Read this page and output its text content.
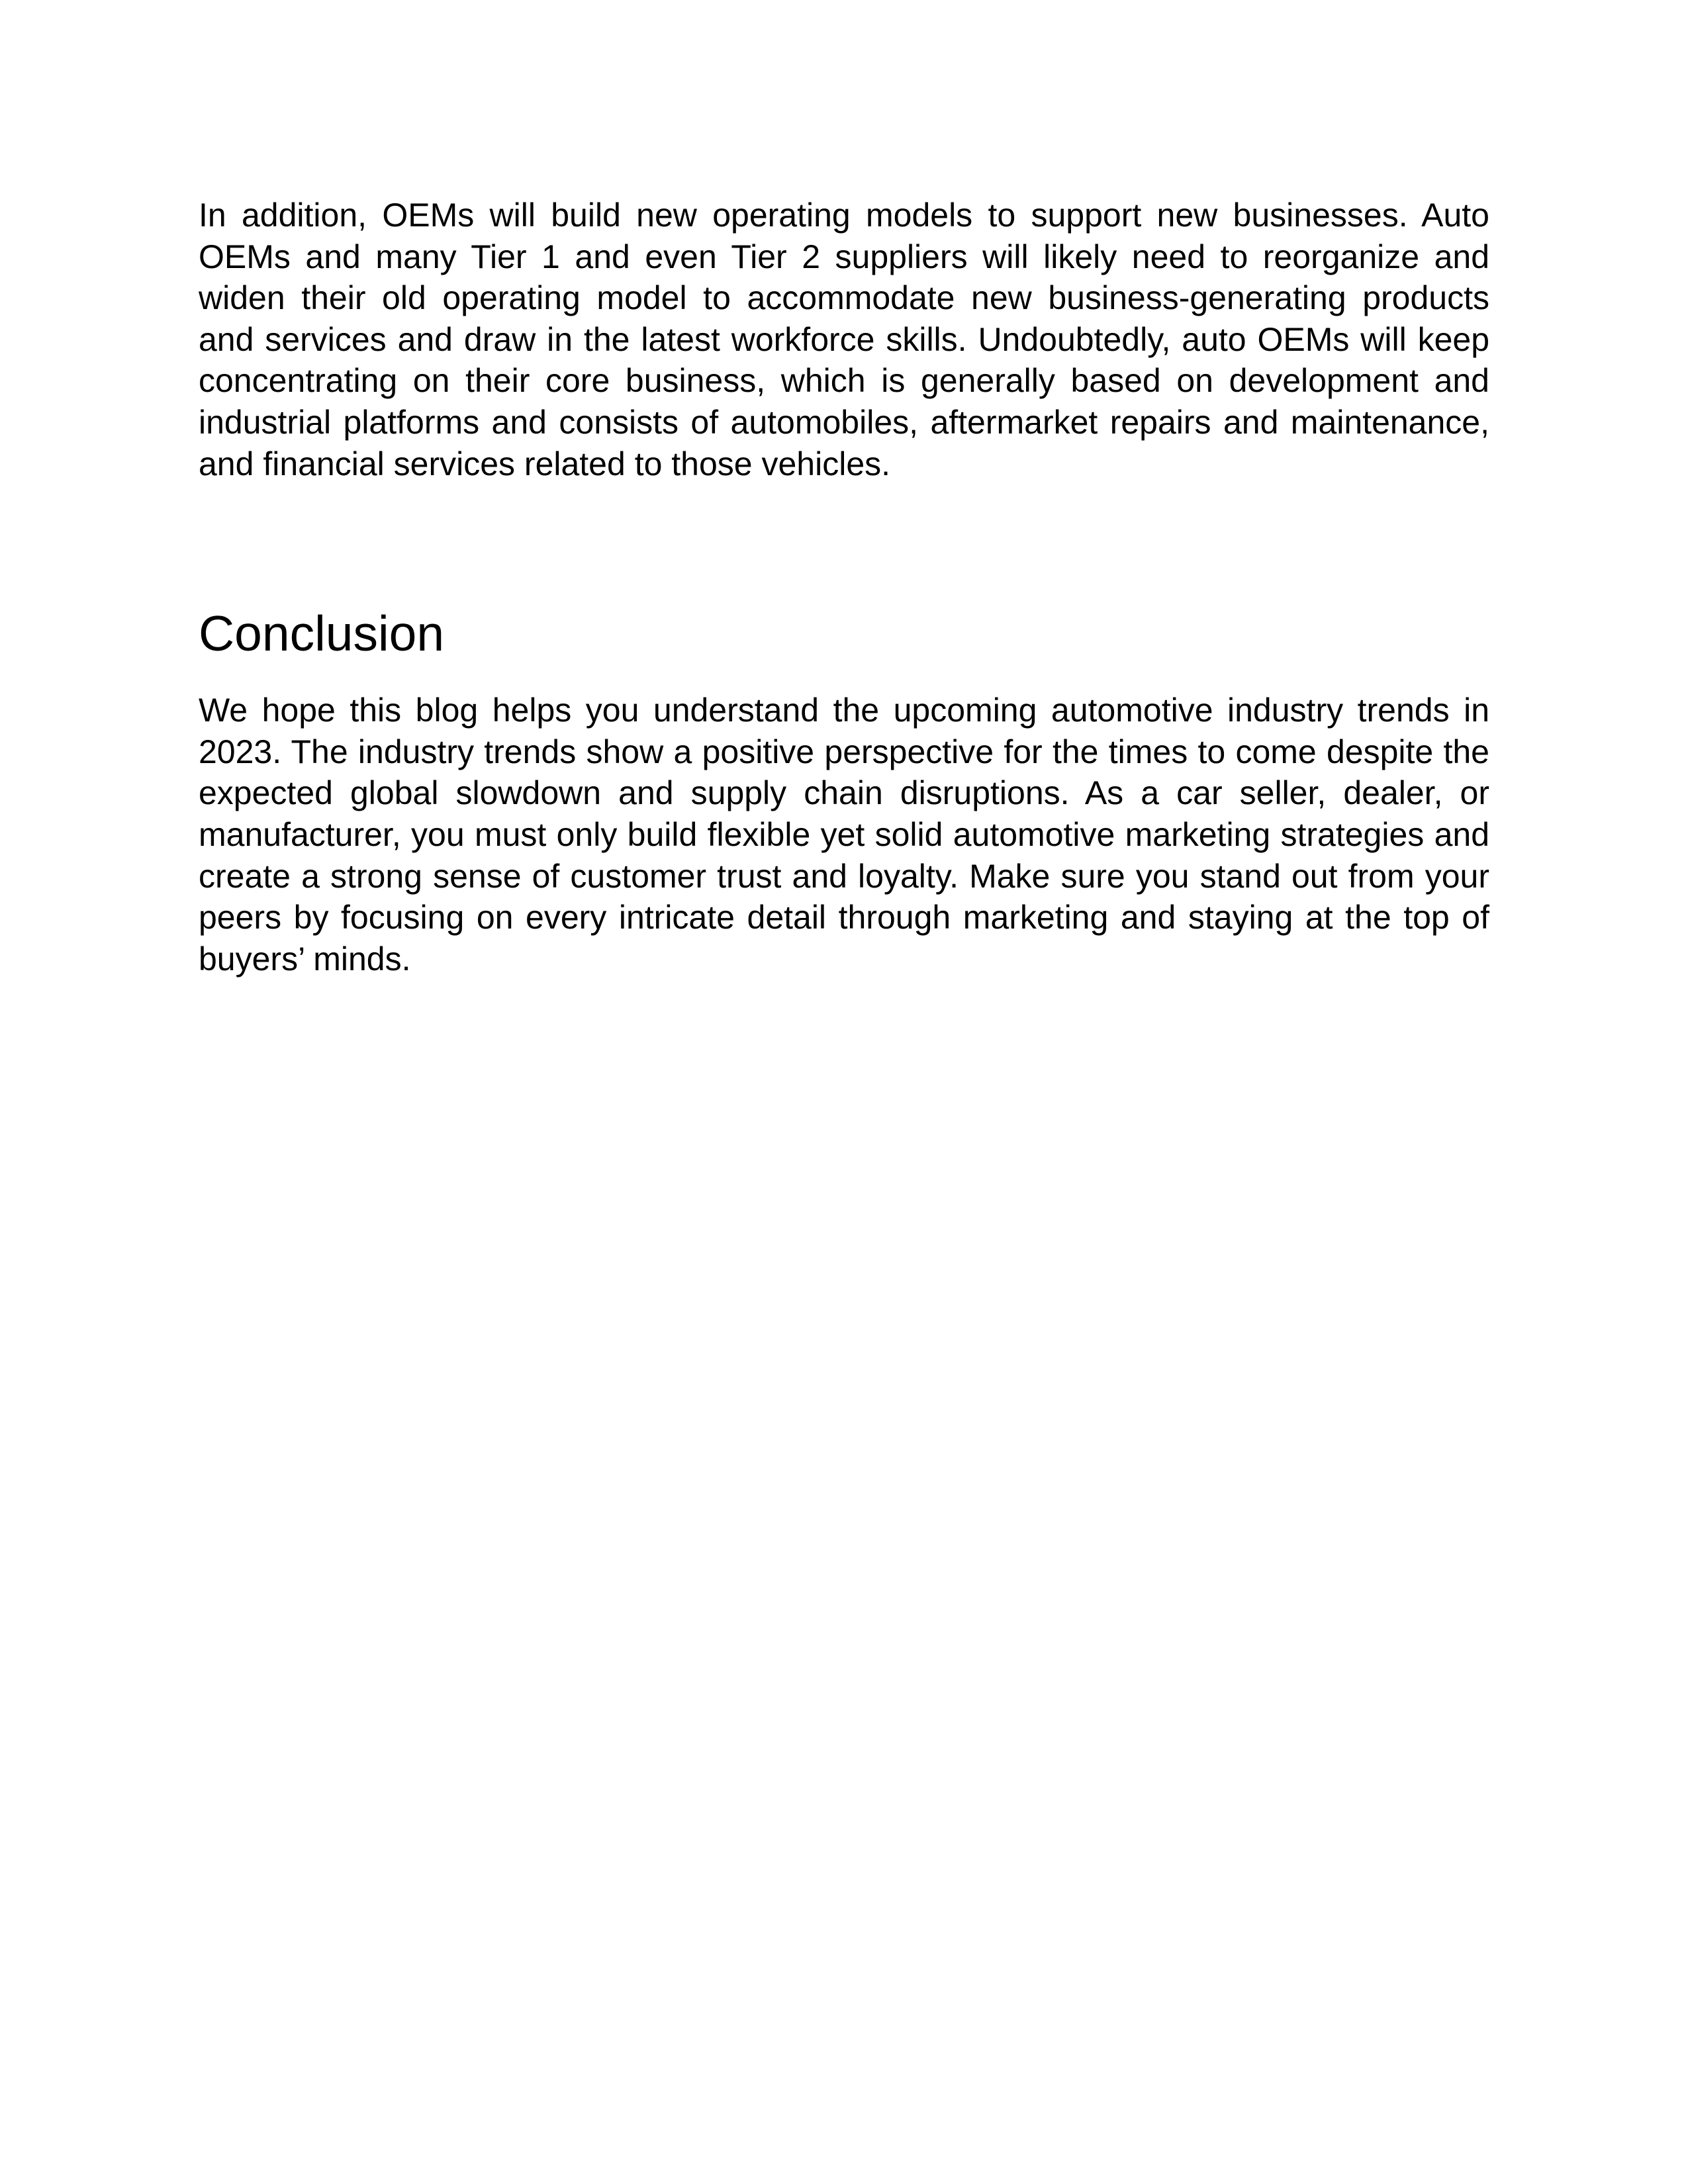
In addition, OEMs will build new operating models to support new businesses. Auto OEMs and many Tier 1 and even Tier 2 suppliers will likely need to reorganize and widen their old operating model to accommodate new business-generating products and services and draw in the latest workforce skills. Undoubtedly, auto OEMs will keep concentrating on their core business, which is generally based on development and industrial platforms and consists of automobiles, aftermarket repairs and maintenance, and financial services related to those vehicles.

Conclusion

We hope this blog helps you understand the upcoming automotive industry trends in 2023. The industry trends show a positive perspective for the times to come despite the expected global slowdown and supply chain disruptions. As a car seller, dealer, or manufacturer, you must only build flexible yet solid automotive marketing strategies and create a strong sense of customer trust and loyalty. Make sure you stand out from your peers by focusing on every intricate detail through marketing and staying at the top of buyers’ minds.
